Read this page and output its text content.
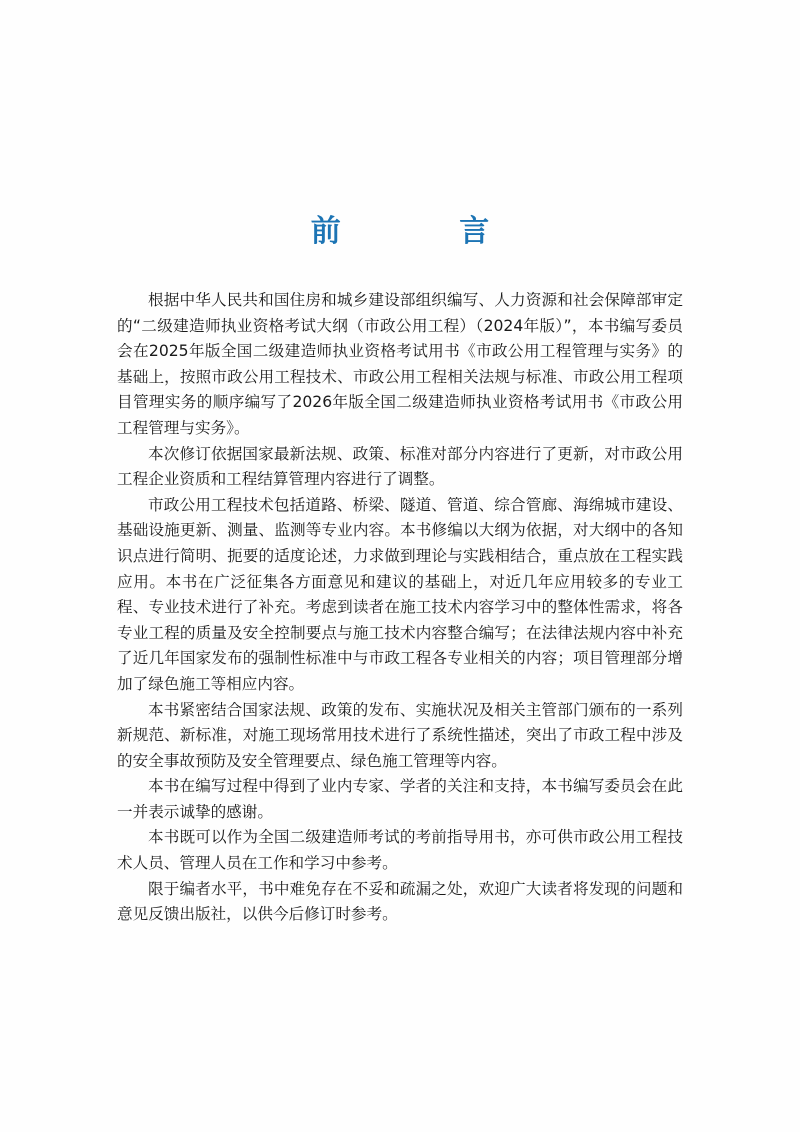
前 言

根据中华人民共和国住房和城乡建设部组织编写、人力资源和社会保障部审定的“二级建造师执业资格考试大纲（市政公用工程）（2024年版）”，本书编写委员会在2025年版全国二级建造师执业资格考试用书《市政公用工程管理与实务》的基础上，按照市政公用工程技术、市政公用工程相关法规与标准、市政公用工程项目管理实务的顺序编写了2026年版全国二级建造师执业资格考试用书《市政公用工程管理与实务》。

本次修订依据国家最新法规、政策、标准对部分内容进行了更新，对市政公用工程企业资质和工程结算管理内容进行了调整。

市政公用工程技术包括道路、桥梁、隧道、管道、综合管廊、海绵城市建设、基础设施更新、测量、监测等专业内容。本书修编以大纲为依据，对大纲中的各知识点进行简明、扼要的适度论述，力求做到理论与实践相结合，重点放在工程实践应用。本书在广泛征集各方面意见和建议的基础上，对近几年应用较多的专业工程、专业技术进行了补充。考虑到读者在施工技术内容学习中的整体性需求，将各专业工程的质量及安全控制要点与施工技术内容整合编写；在法律法规内容中补充了近几年国家发布的强制性标准中与市政工程各专业相关的内容；项目管理部分增加了绿色施工等相应内容。

本书紧密结合国家法规、政策的发布、实施状况及相关主管部门颁布的一系列新规范、新标准，对施工现场常用技术进行了系统性描述，突出了市政工程中涉及的安全事故预防及安全管理要点、绿色施工管理等内容。

本书在编写过程中得到了业内专家、学者的关注和支持，本书编写委员会在此一并表示诚挚的感谢。

本书既可以作为全国二级建造师考试的考前指导用书，亦可供市政公用工程技术人员、管理人员在工作和学习中参考。

限于编者水平，书中难免存在不妥和疏漏之处，欢迎广大读者将发现的问题和意见反馈出版社，以供今后修订时参考。
